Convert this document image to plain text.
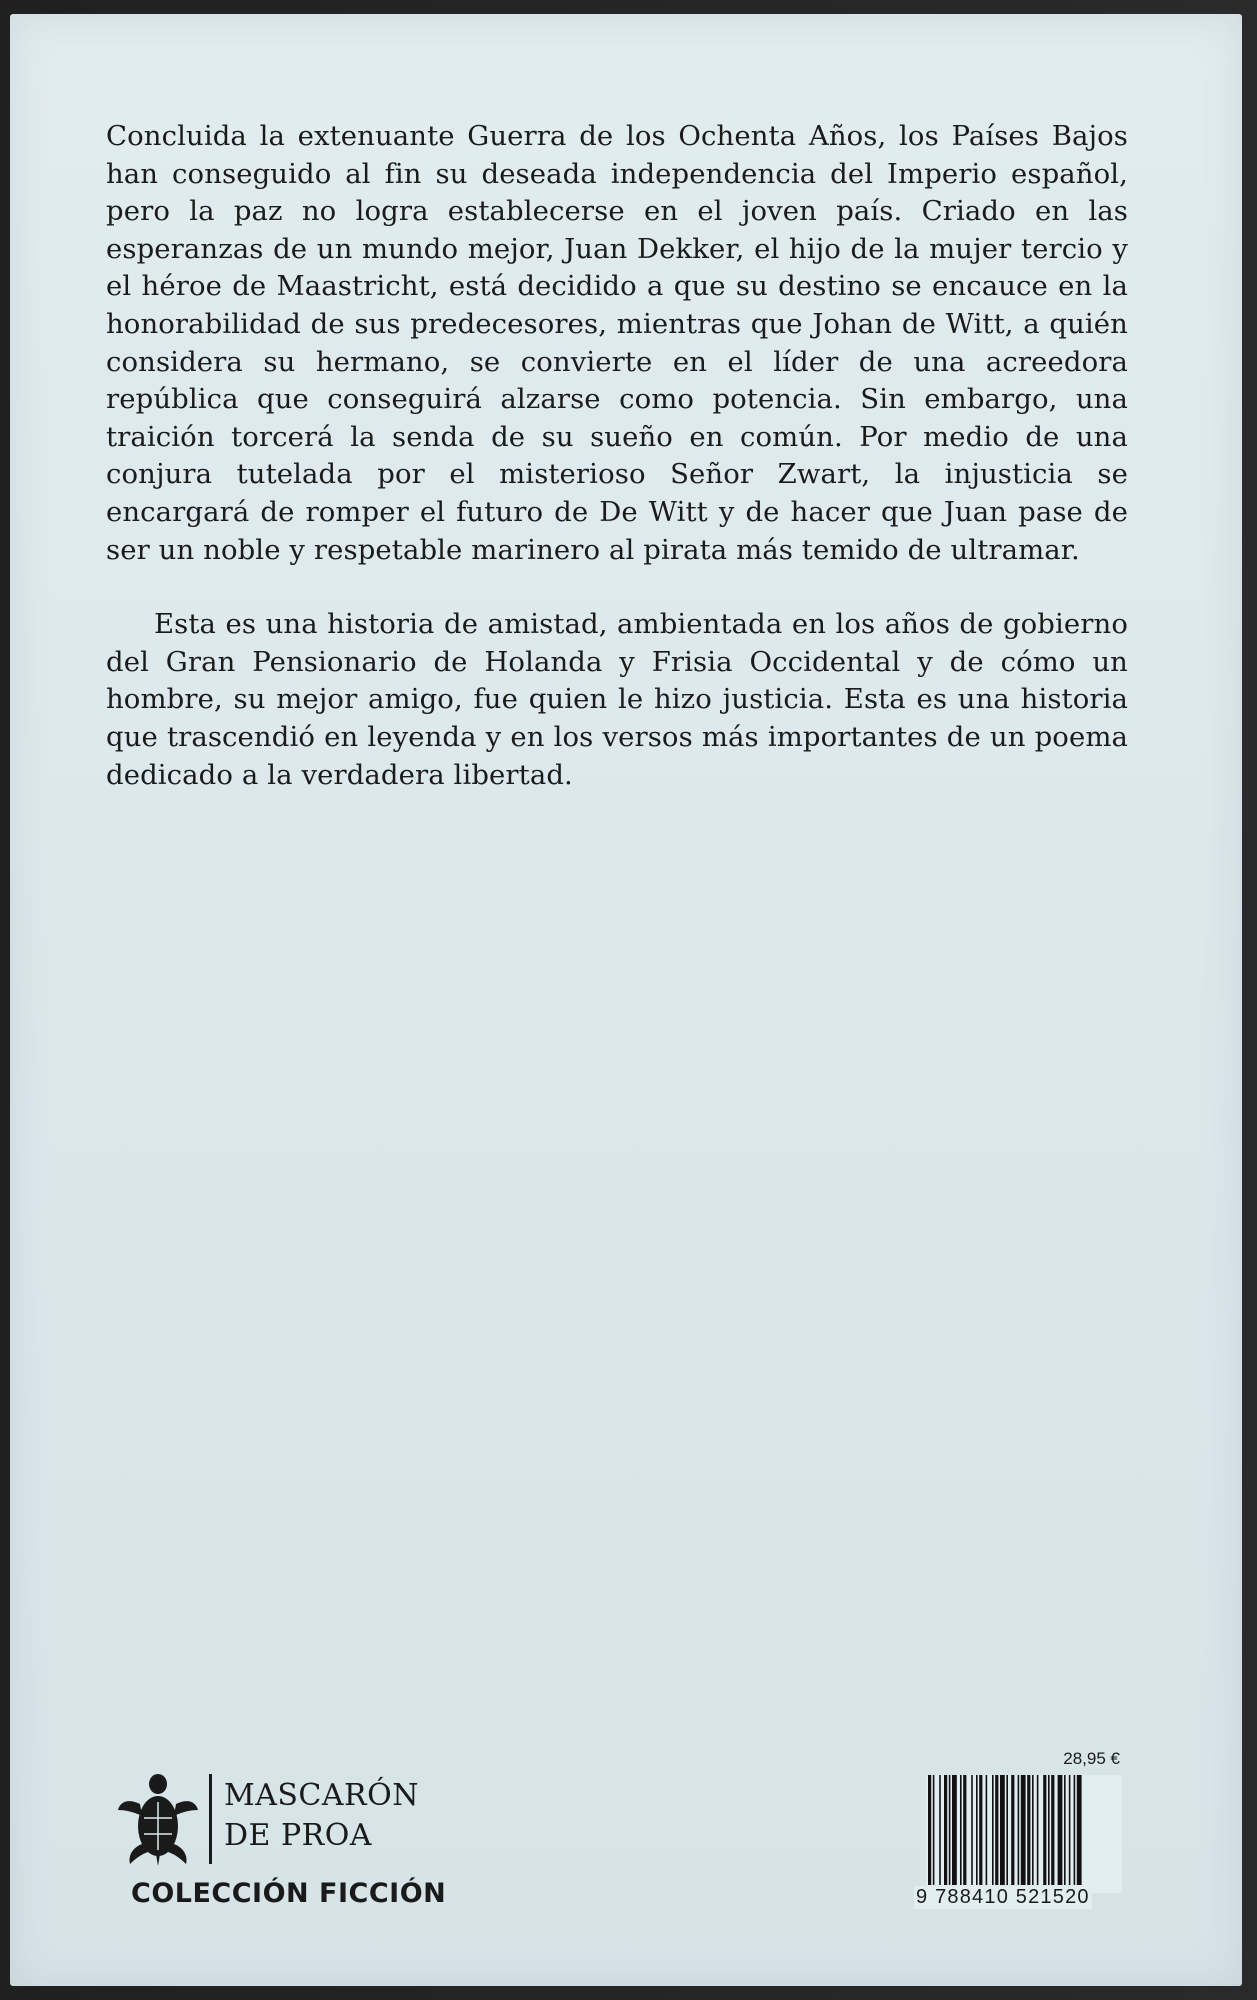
Concluida la extenuante Guerra de los Ochenta Años, los Países Bajos han conseguido al fin su deseada independencia del Imperio español, pero la paz no logra establecerse en el joven país. Criado en las esperanzas de un mundo mejor, Juan Dekker, el hijo de la mujer tercio y el héroe de Maastricht, está decidido a que su destino se encauce en la honorabilidad de sus predecesores, mientras que Johan de Witt, a quién considera su hermano, se convierte en el líder de una acreedora república que conseguirá alzarse como potencia. Sin embargo, una traición torcerá la senda de su sueño en común. Por medio de una conjura tutelada por el misterioso Señor Zwart, la injusticia se encargará de romper el futuro de De Witt y de hacer que Juan pase de ser un noble y respetable marinero al pirata más temido de ultramar.

Esta es una historia de amistad, ambientada en los años de gobierno del Gran Pensionario de Holanda y Frisia Occidental y de cómo un hombre, su mejor amigo, fue quien le hizo justicia. Esta es una historia que trascendió en leyenda y en los versos más importantes de un poema dedicado a la verdadera libertad.

MASCARÓN
DE PROA
COLECCIÓN FICCIÓN
28,95 €
9 788410 521520
